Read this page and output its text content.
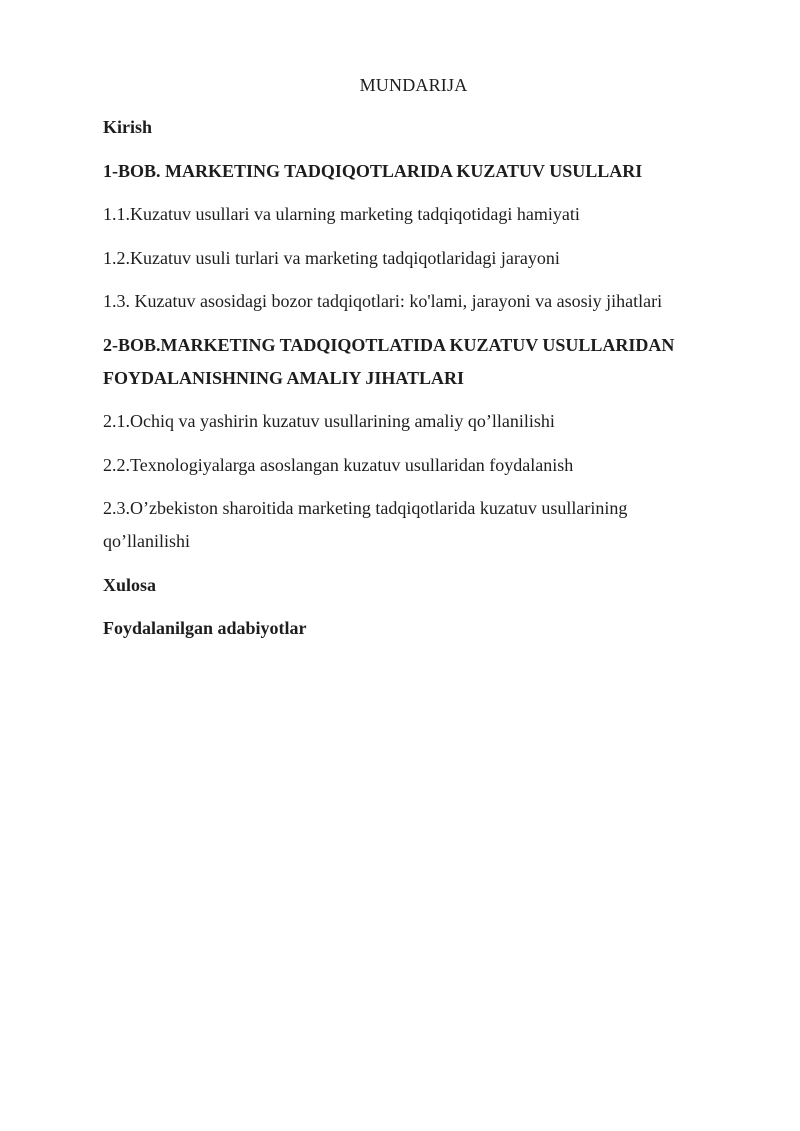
MUNDARIJA

Kirish

1-BOB. MARKETING TADQIQOTLARIDA KUZATUV USULLARI

1.1.Kuzatuv usullari va ularning marketing tadqiqotidagi hamiyati

1.2.Kuzatuv usuli turlari va marketing tadqiqotlaridagi jarayoni

1.3. Kuzatuv asosidagi bozor tadqiqotlari: ko'lami, jarayoni va asosiy jihatlari

2-BOB.MARKETING TADQIQOTLATIDA KUZATUV USULLARIDAN
FOYDALANISHNING AMALIY JIHATLARI

2.1.Ochiq va yashirin kuzatuv usullarining amaliy qo’llanilishi

2.2.Texnologiyalarga asoslangan kuzatuv usullaridan foydalanish

2.3.O’zbekiston sharoitida marketing tadqiqotlarida kuzatuv usullarining
qo’llanilishi

Xulosa

Foydalanilgan adabiyotlar
